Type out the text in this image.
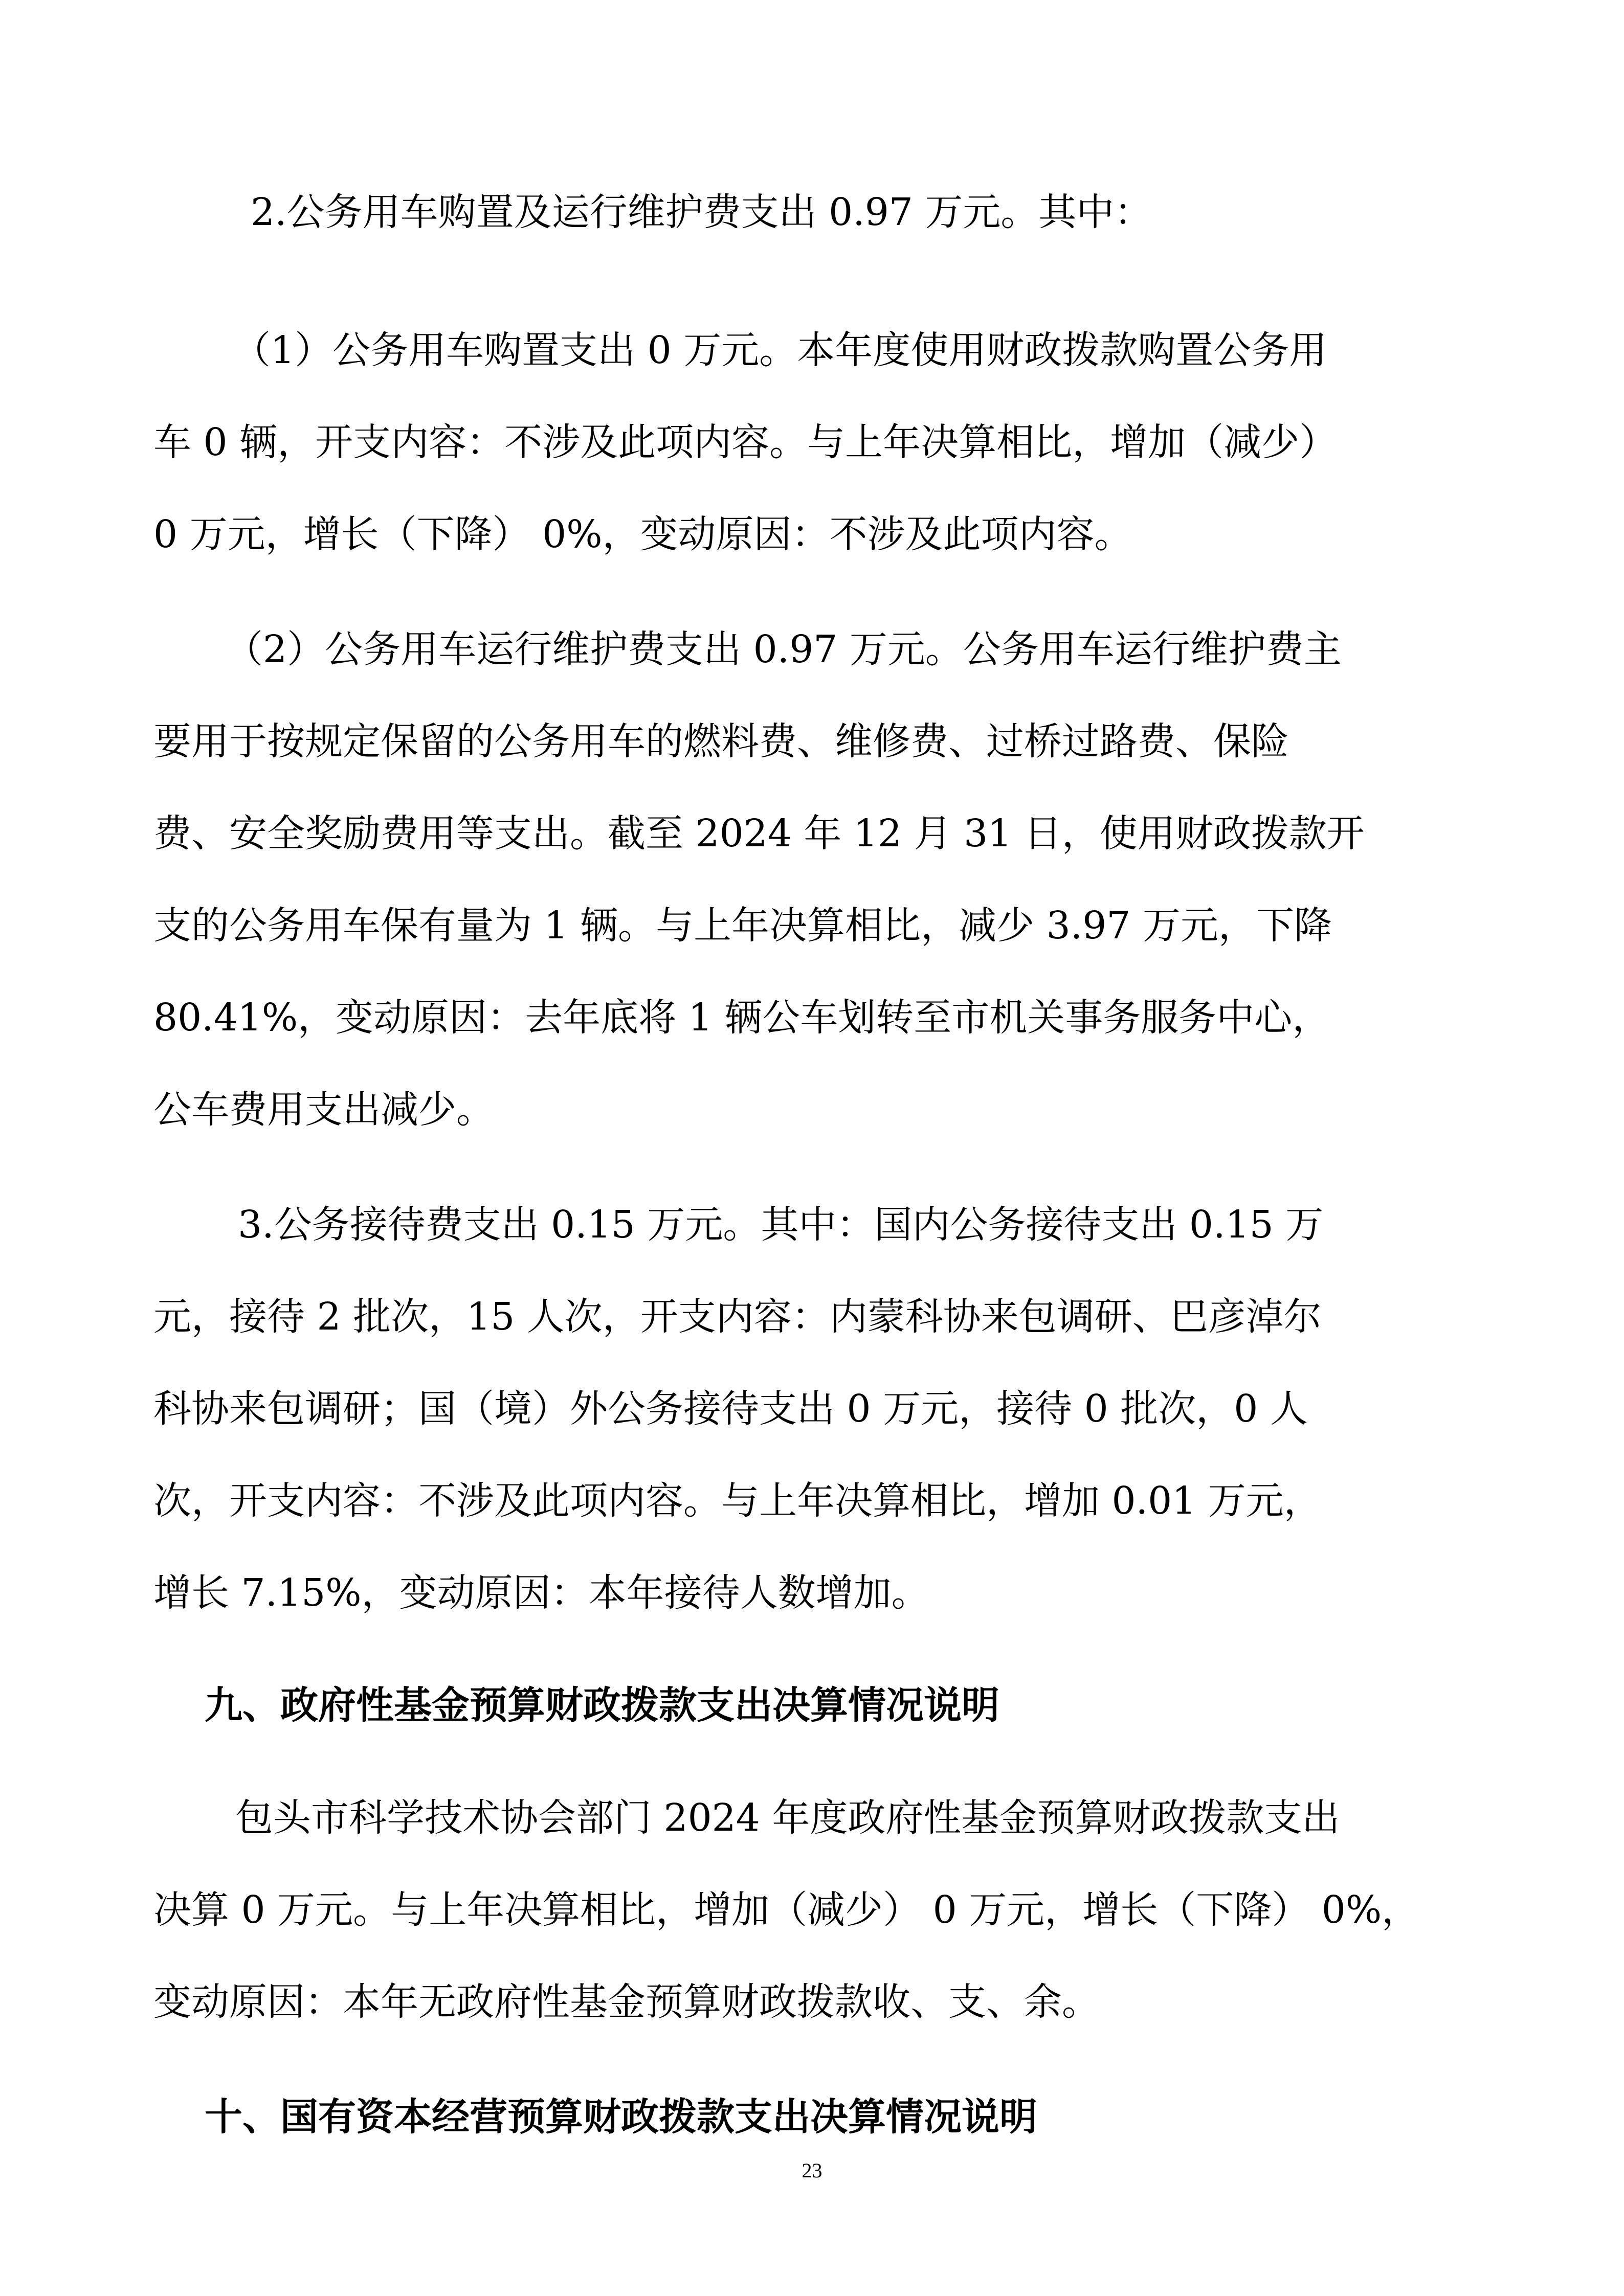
2.公务用车购置及运行维护费支出 0.97 万元。其中：
（1）公务用车购置支出 0 万元。本年度使用财政拨款购置公务用
车 0 辆，开支内容：不涉及此项内容。与上年决算相比，增加（减少）
0 万元，增长（下降） 0%，变动原因：不涉及此项内容。
（2）公务用车运行维护费支出 0.97 万元。公务用车运行维护费主
要用于按规定保留的公务用车的燃料费、维修费、过桥过路费、保险
费、安全奖励费用等支出。截至 2024 年 12 月 31 日，使用财政拨款开
支的公务用车保有量为 1 辆。与上年决算相比，减少 3.97 万元，下降
80.41%，变动原因：去年底将 1 辆公车划转至市机关事务服务中心，
公车费用支出减少。
3.公务接待费支出 0.15 万元。其中：国内公务接待支出 0.15 万
元，接待 2 批次，15 人次，开支内容：内蒙科协来包调研、巴彦淖尔
科协来包调研；国（境）外公务接待支出 0 万元，接待 0 批次，0 人
次，开支内容：不涉及此项内容。与上年决算相比，增加 0.01 万元，
增长 7.15%，变动原因：本年接待人数增加。
九、政府性基金预算财政拨款支出决算情况说明
包头市科学技术协会部门 2024 年度政府性基金预算财政拨款支出
决算 0 万元。与上年决算相比，增加（减少） 0 万元，增长（下降） 0%，
变动原因：本年无政府性基金预算财政拨款收、支、余。
十、国有资本经营预算财政拨款支出决算情况说明
23
